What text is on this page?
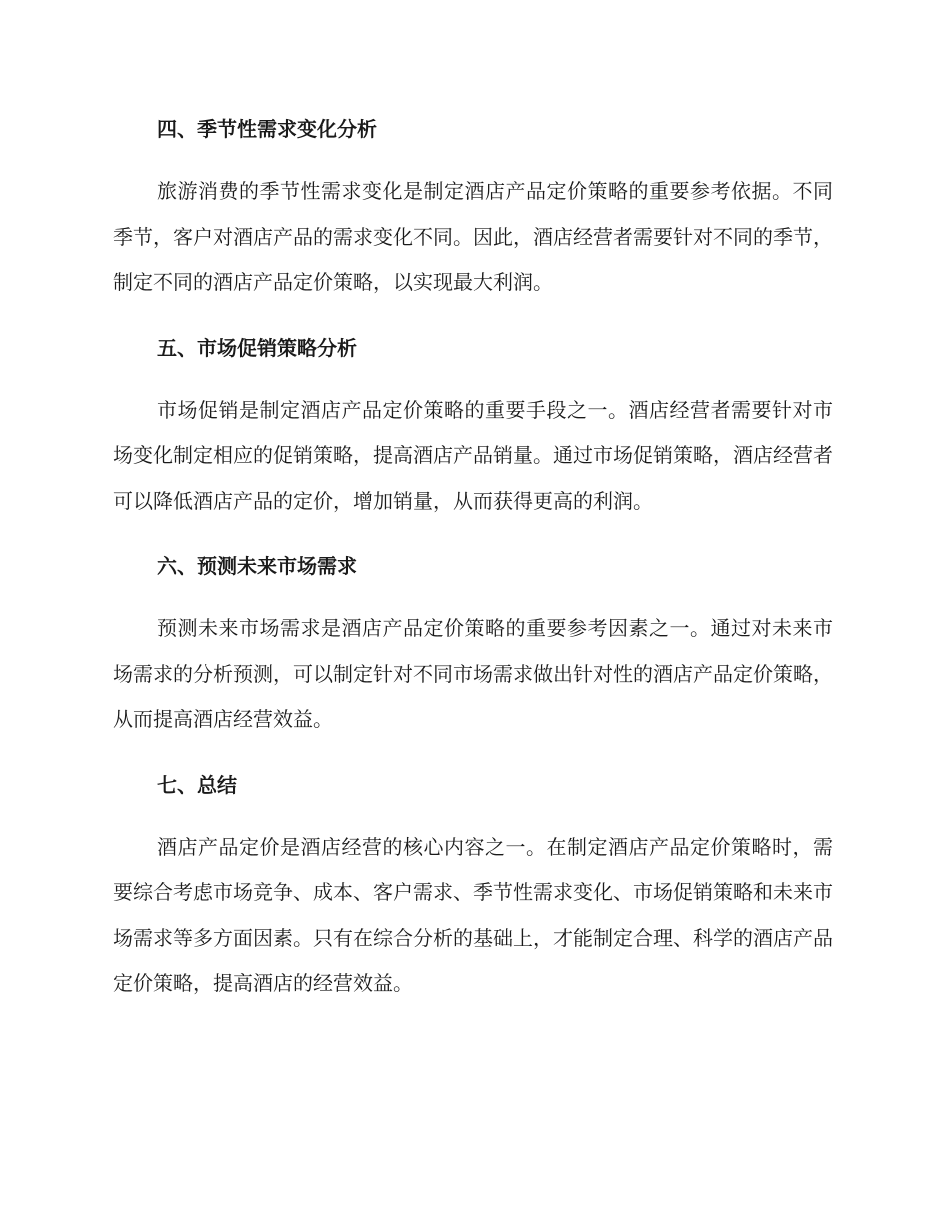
四、季节性需求变化分析

旅游消费的季节性需求变化是制定酒店产品定价策略的重要参考依据。不同季节，客户对酒店产品的需求变化不同。因此，酒店经营者需要针对不同的季节，制定不同的酒店产品定价策略，以实现最大利润。

五、市场促销策略分析

市场促销是制定酒店产品定价策略的重要手段之一。酒店经营者需要针对市场变化制定相应的促销策略，提高酒店产品销量。通过市场促销策略，酒店经营者可以降低酒店产品的定价，增加销量，从而获得更高的利润。

六、预测未来市场需求

预测未来市场需求是酒店产品定价策略的重要参考因素之一。通过对未来市场需求的分析预测，可以制定针对不同市场需求做出针对性的酒店产品定价策略，从而提高酒店经营效益。

七、总结

酒店产品定价是酒店经营的核心内容之一。在制定酒店产品定价策略时，需要综合考虑市场竞争、成本、客户需求、季节性需求变化、市场促销策略和未来市场需求等多方面因素。只有在综合分析的基础上，才能制定合理、科学的酒店产品定价策略，提高酒店的经营效益。
